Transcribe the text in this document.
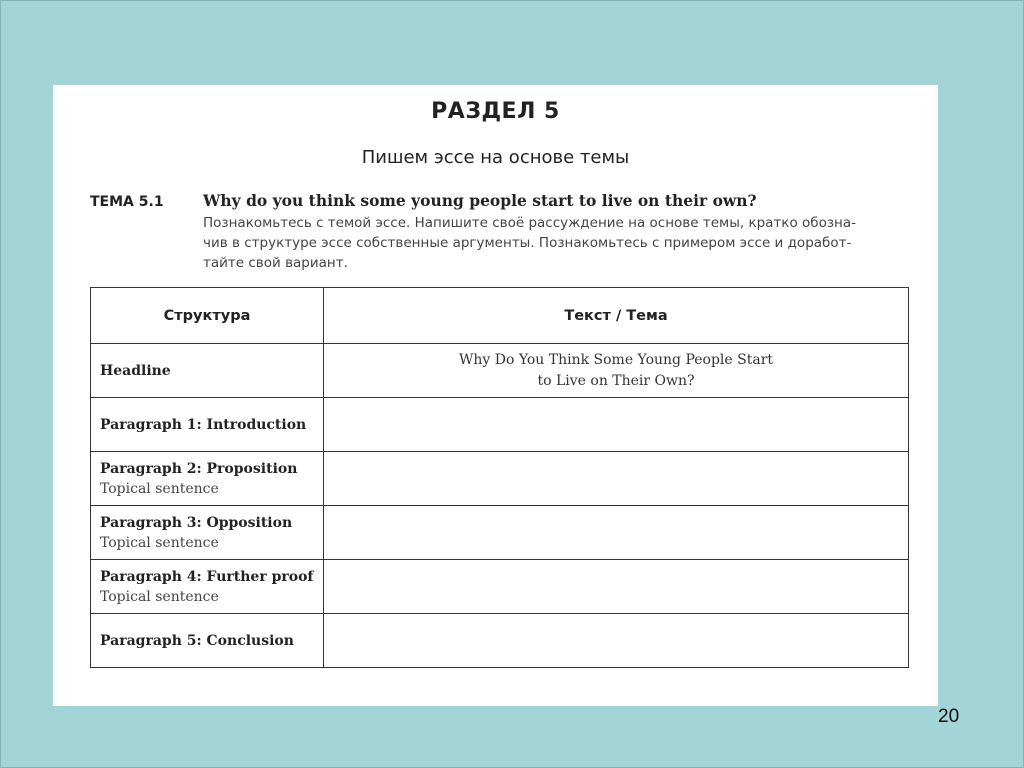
РАЗДЕЛ 5
Пишем эссе на основе темы
ТЕМА 5.1	Why do you think some young people start to live on their own?
Познакомьтесь с темой эссе. Напишите своё рассуждение на основе темы, кратко обозна-
чив в структуре эссе собственные аргументы. Познакомьтесь с примером эссе и доработ-
тайте свой вариант.
Структура	Текст / Тема

Headline	Why Do You Think Some Young People Start
to Live on Their Own?

Paragraph 1: Introduction	

Paragraph 2: Proposition
Topical sentence	

Paragraph 3: Opposition
Topical sentence	

Paragraph 4: Further proof
Topical sentence	

Paragraph 5: Conclusion	

20
